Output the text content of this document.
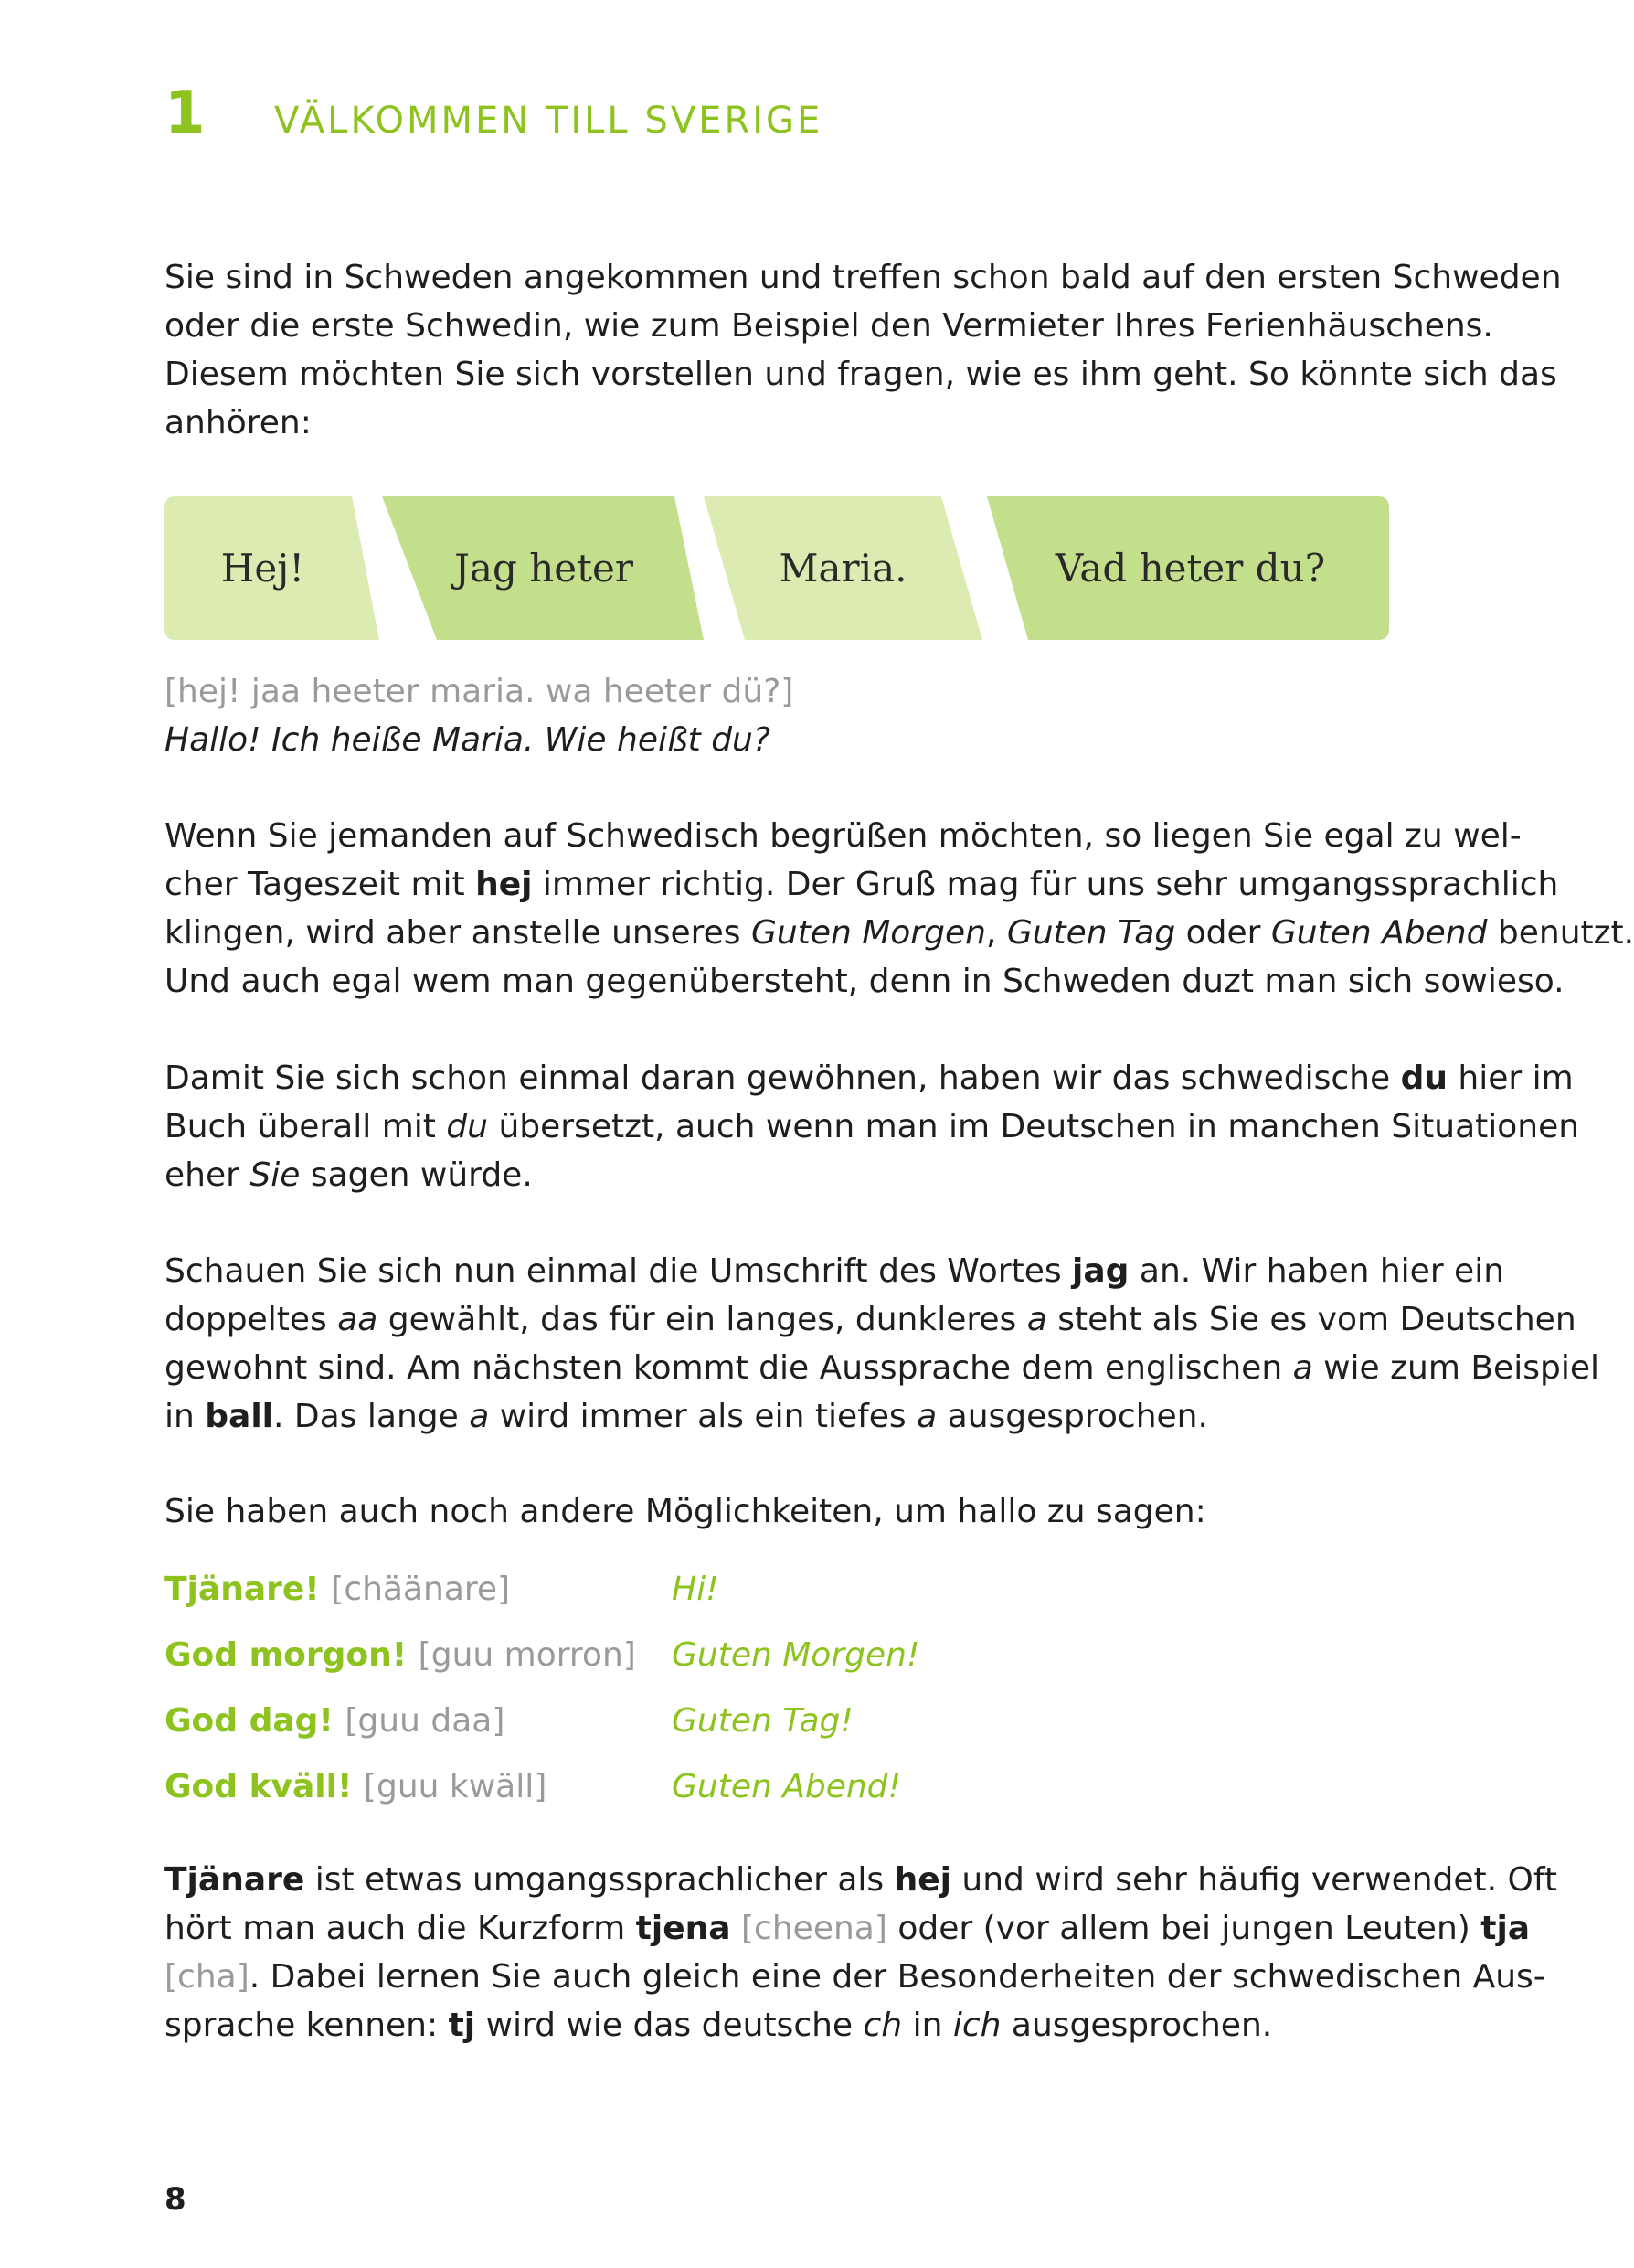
1 VÄLKOMMEN TILL SVERIGE
Sie sind in Schweden angekommen und treffen schon bald auf den ersten Schweden
oder die erste Schwedin, wie zum Beispiel den Vermieter Ihres Ferienhäuschens.
Diesem möchten Sie sich vorstellen und fragen, wie es ihm geht. So könnte sich das
anhören:
Hej!	Jag heter	Maria.	Vad heter du?
[hej! jaa heeter maria. wa heeter dü?]
Hallo! Ich heiße Maria. Wie heißt du?
Wenn Sie jemanden auf Schwedisch begrüßen möchten, so liegen Sie egal zu wel-
cher Tageszeit mit hej immer richtig. Der Gruß mag für uns sehr umgangssprachlich
klingen, wird aber anstelle unseres Guten Morgen, Guten Tag oder Guten Abend benutzt.
Und auch egal wem man gegenübersteht, denn in Schweden duzt man sich sowieso.
Damit Sie sich schon einmal daran gewöhnen, haben wir das schwedische du hier im
Buch überall mit du übersetzt, auch wenn man im Deutschen in manchen Situationen
eher Sie sagen würde.
Schauen Sie sich nun einmal die Umschrift des Wortes jag an. Wir haben hier ein
doppeltes aa gewählt, das für ein langes, dunkleres a steht als Sie es vom Deutschen
gewohnt sind. Am nächsten kommt die Aussprache dem englischen a wie zum Beispiel
in ball. Das lange a wird immer als ein tiefes a ausgesprochen.
Sie haben auch noch andere Möglichkeiten, um hallo zu sagen:
Tjänare! [chäänare]	Hi!
God morgon! [guu morron] Guten Morgen!
God dag! [guu daa]	Guten Tag!
God kväll! [guu kwäll]	Guten Abend!
Tjänare ist etwas umgangssprachlicher als hej und wird sehr häufig verwendet. Oft
hört man auch die Kurzform tjena [cheena] oder (vor allem bei jungen Leuten) tja
[cha]. Dabei lernen Sie auch gleich eine der Besonderheiten der schwedischen Aus-
sprache kennen: tj wird wie das deutsche ch in ich ausgesprochen.
8
